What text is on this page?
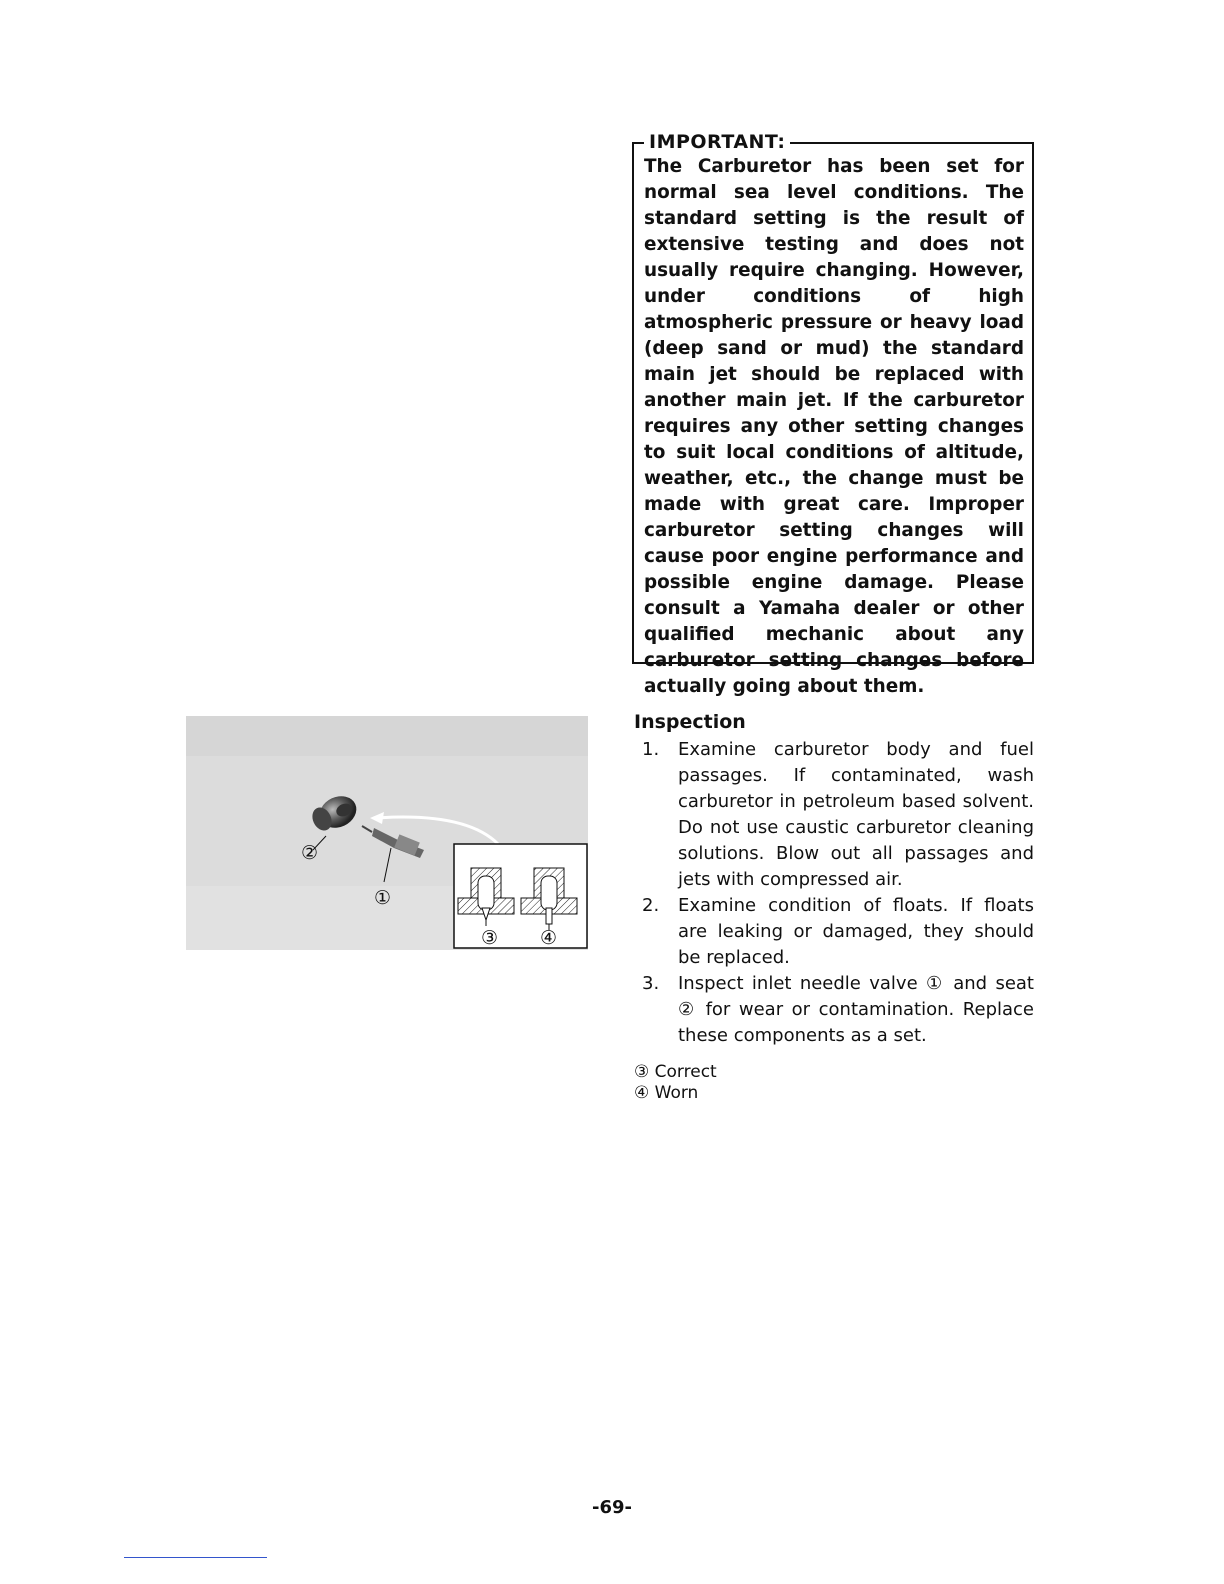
IMPORTANT:
The Carburetor has been set for normal sea level conditions. The standard setting is the result of extensive testing and does not usually require changing. However, under conditions of high atmospheric pressure or heavy load (deep sand or mud) the standard main jet should be replaced with another main jet. If the carburetor requires any other setting changes to suit local conditions of altitude, weather, etc., the change must be made with great care. Improper carburetor setting changes will cause poor engine performance and possible engine damage. Please consult a Yamaha dealer or other qualified mechanic about any carburetor setting changes before actually going about them.
②
①
③ ④
Inspection
1. Examine carburetor body and fuel passages. If contaminated, wash carburetor in petroleum based solvent. Do not use caustic carburetor cleaning solutions. Blow out all passages and jets with compressed air.
2. Examine condition of floats. If floats are leaking or damaged, they should be replaced.
3. Inspect inlet needle valve ① and seat ② for wear or contamination. Replace these components as a set.
③ Correct
④ Worn
-69-
